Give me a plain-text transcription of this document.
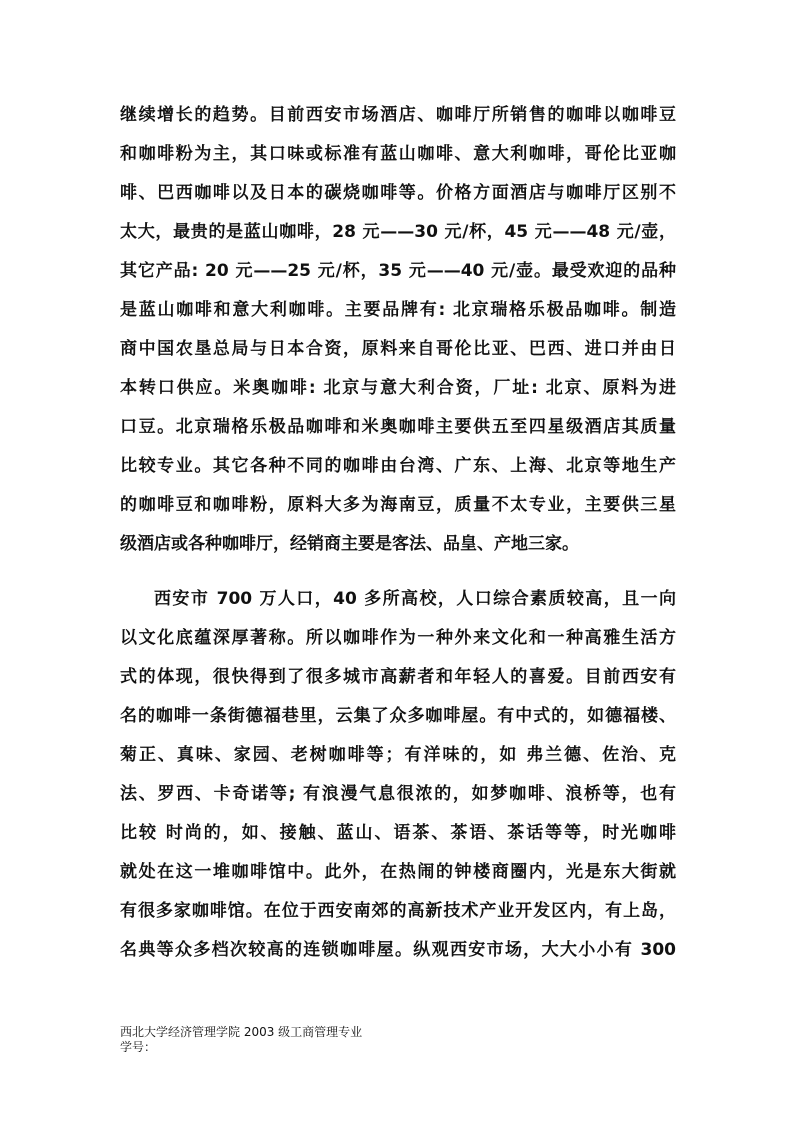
继续增长的趋势。目前西安市场酒店、咖啡厅所销售的咖啡以咖啡豆
和咖啡粉为主，其口味或标准有蓝山咖啡、意大利咖啡，哥伦比亚咖
啡、巴西咖啡以及日本的碳烧咖啡等。价格方面酒店与咖啡厅区别不
太大，最贵的是蓝山咖啡，28 元——30 元/杯，45 元——48 元/壶，
其它产品: 20 元——25 元/杯，35 元——40 元/壶。最受欢迎的品种
是蓝山咖啡和意大利咖啡。主要品牌有: 北京瑞格乐极品咖啡。制造
商中国农垦总局与日本合资，原料来自哥伦比亚、巴西、进口并由日
本转口供应。米奥咖啡: 北京与意大利合资，厂址: 北京、原料为进
口豆。北京瑞格乐极品咖啡和米奥咖啡主要供五至四星级酒店其质量
比较专业。其它各种不同的咖啡由台湾、广东、上海、北京等地生产
的咖啡豆和咖啡粉，原料大多为海南豆，质量不太专业，主要供三星
级酒店或各种咖啡厅，经销商主要是客法、品皇、产地三家。
西安市 700 万人口，40 多所高校，人口综合素质较高，且一向
以文化底蕴深厚著称。所以咖啡作为一种外来文化和一种高雅生活方
式的体现，很快得到了很多城市高薪者和年轻人的喜爱。目前西安有
名的咖啡一条街德福巷里，云集了众多咖啡屋。有中式的，如德福楼、
菊正、真味、家园、老树咖啡等；有洋味的，如 弗兰德、佐治、克
法、罗西、卡奇诺等; 有浪漫气息很浓的，如梦咖啡、浪桥等，也有
比较 时尚的，如、接触、蓝山、语茶、茶语、茶话等等，时光咖啡
就处在这一堆咖啡馆中。此外，在热闹的钟楼商圈内，光是东大街就
有很多家咖啡馆。在位于西安南郊的高新技术产业开发区内，有上岛，
名典等众多档次较高的连锁咖啡屋。纵观西安市场，大大小小有 300
西北大学经济管理学院 2003 级工商管理专业
学号：
